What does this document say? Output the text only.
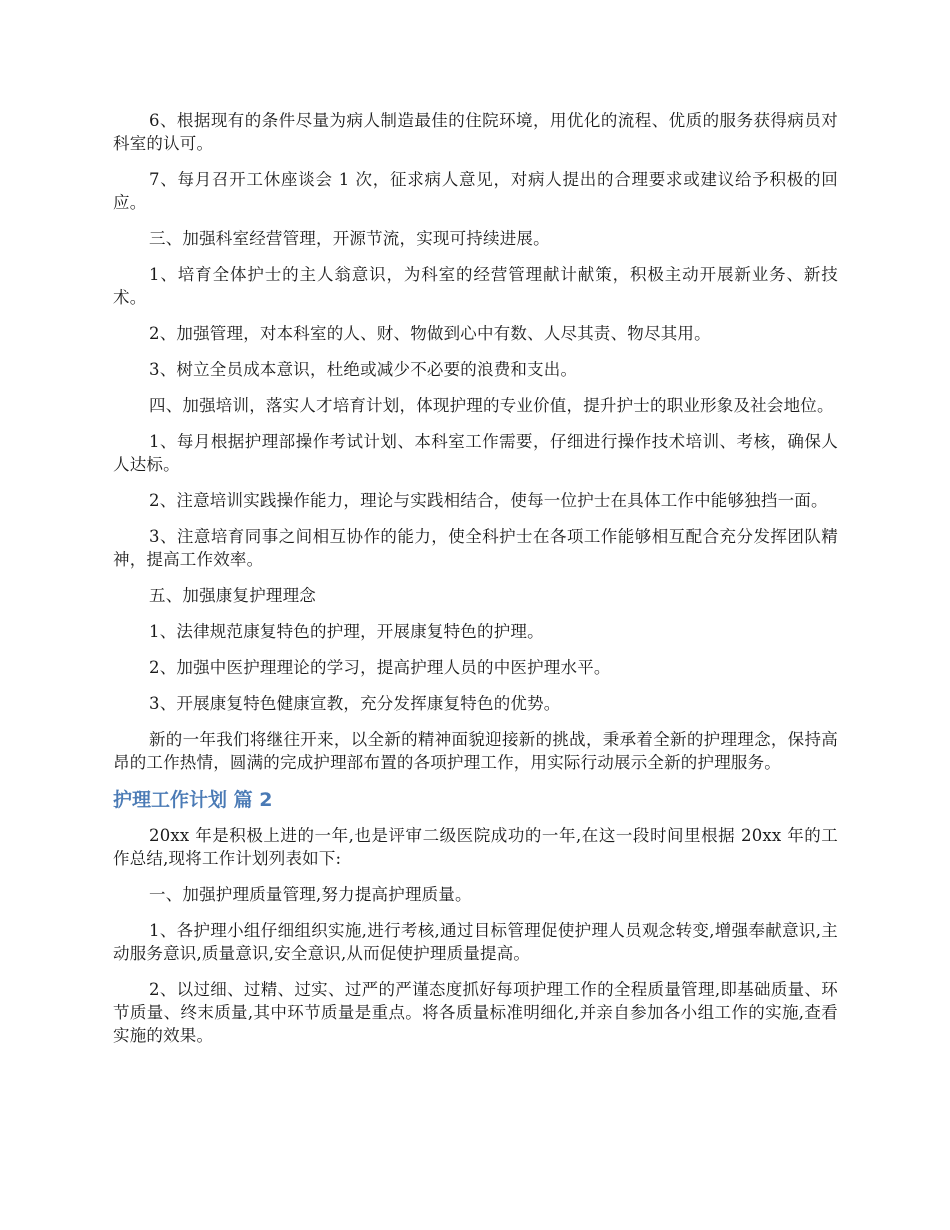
6、根据现有的条件尽量为病人制造最佳的住院环境，用优化的流程、优质的服务获得病员对科室的认可。

7、每月召开工休座谈会 1 次，征求病人意见，对病人提出的合理要求或建议给予积极的回应。

三、加强科室经营管理，开源节流，实现可持续进展。

1、培育全体护士的主人翁意识，为科室的经营管理献计献策，积极主动开展新业务、新技术。

2、加强管理，对本科室的人、财、物做到心中有数、人尽其责、物尽其用。

3、树立全员成本意识，杜绝或减少不必要的浪费和支出。

四、加强培训，落实人才培育计划，体现护理的专业价值，提升护士的职业形象及社会地位。

1、每月根据护理部操作考试计划、本科室工作需要，仔细进行操作技术培训、考核，确保人人达标。

2、注意培训实践操作能力，理论与实践相结合，使每一位护士在具体工作中能够独挡一面。

3、注意培育同事之间相互协作的能力，使全科护士在各项工作能够相互配合充分发挥团队精神，提高工作效率。

五、加强康复护理理念

1、法律规范康复特色的护理，开展康复特色的护理。

2、加强中医护理理论的学习，提高护理人员的中医护理水平。

3、开展康复特色健康宣教，充分发挥康复特色的优势。

新的一年我们将继往开来，以全新的精神面貌迎接新的挑战，秉承着全新的护理理念，保持高昂的工作热情，圆满的完成护理部布置的各项护理工作，用实际行动展示全新的护理服务。

护理工作计划 篇 2

20xx 年是积极上进的一年,也是评审二级医院成功的一年,在这一段时间里根据 20xx 年的工作总结,现将工作计划列表如下:

一、加强护理质量管理,努力提高护理质量。

1、各护理小组仔细组织实施,进行考核,通过目标管理促使护理人员观念转变,增强奉献意识,主动服务意识,质量意识,安全意识,从而促使护理质量提高。

2、以过细、过精、过实、过严的严谨态度抓好每项护理工作的全程质量管理,即基础质量、环节质量、终末质量,其中环节质量是重点。将各质量标准明细化,并亲自参加各小组工作的实施,查看实施的效果。
